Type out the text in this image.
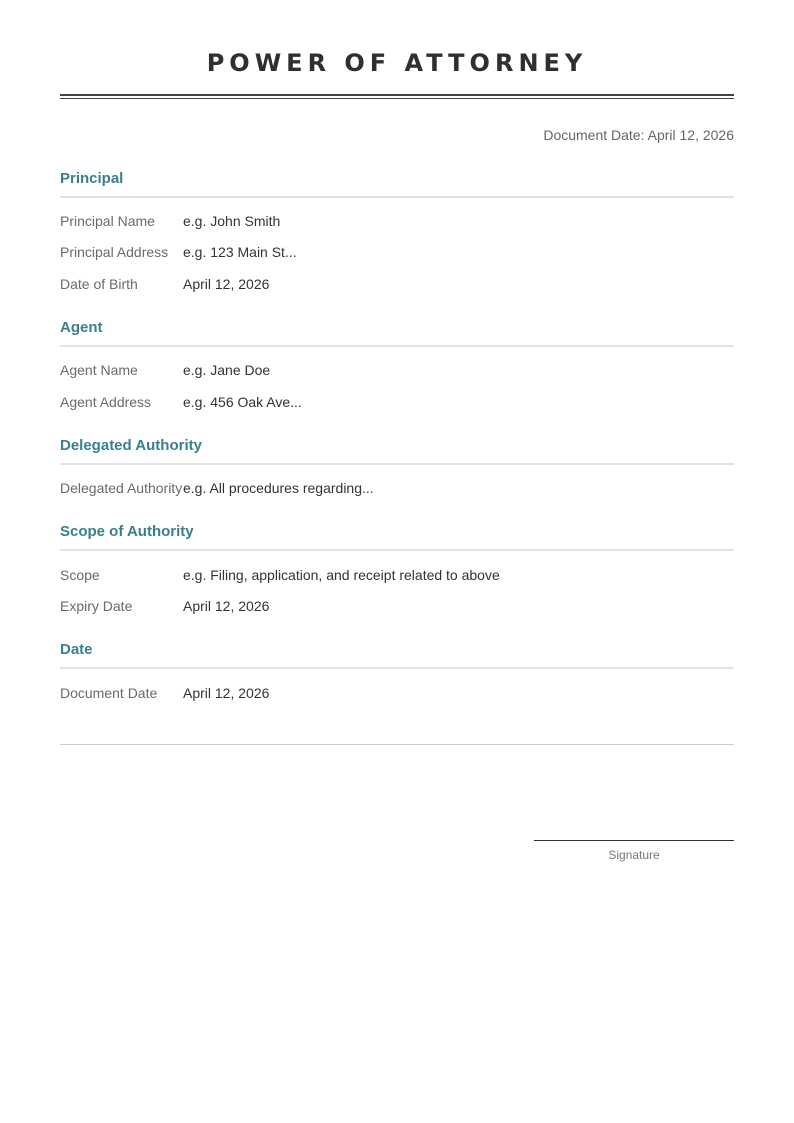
POWER OF ATTORNEY
Document Date: April 12, 2026
Principal
Principal Name	e.g. John Smith
Principal Address	e.g. 123 Main St...
Date of Birth	April 12, 2026
Agent
Agent Name	e.g. Jane Doe
Agent Address	e.g. 456 Oak Ave...
Delegated Authority
Delegated Authority e.g. All procedures regarding...
Scope of Authority
Scope	e.g. Filing, application, and receipt related to above
Expiry Date	April 12, 2026
Date
Document Date	April 12, 2026
Signature
